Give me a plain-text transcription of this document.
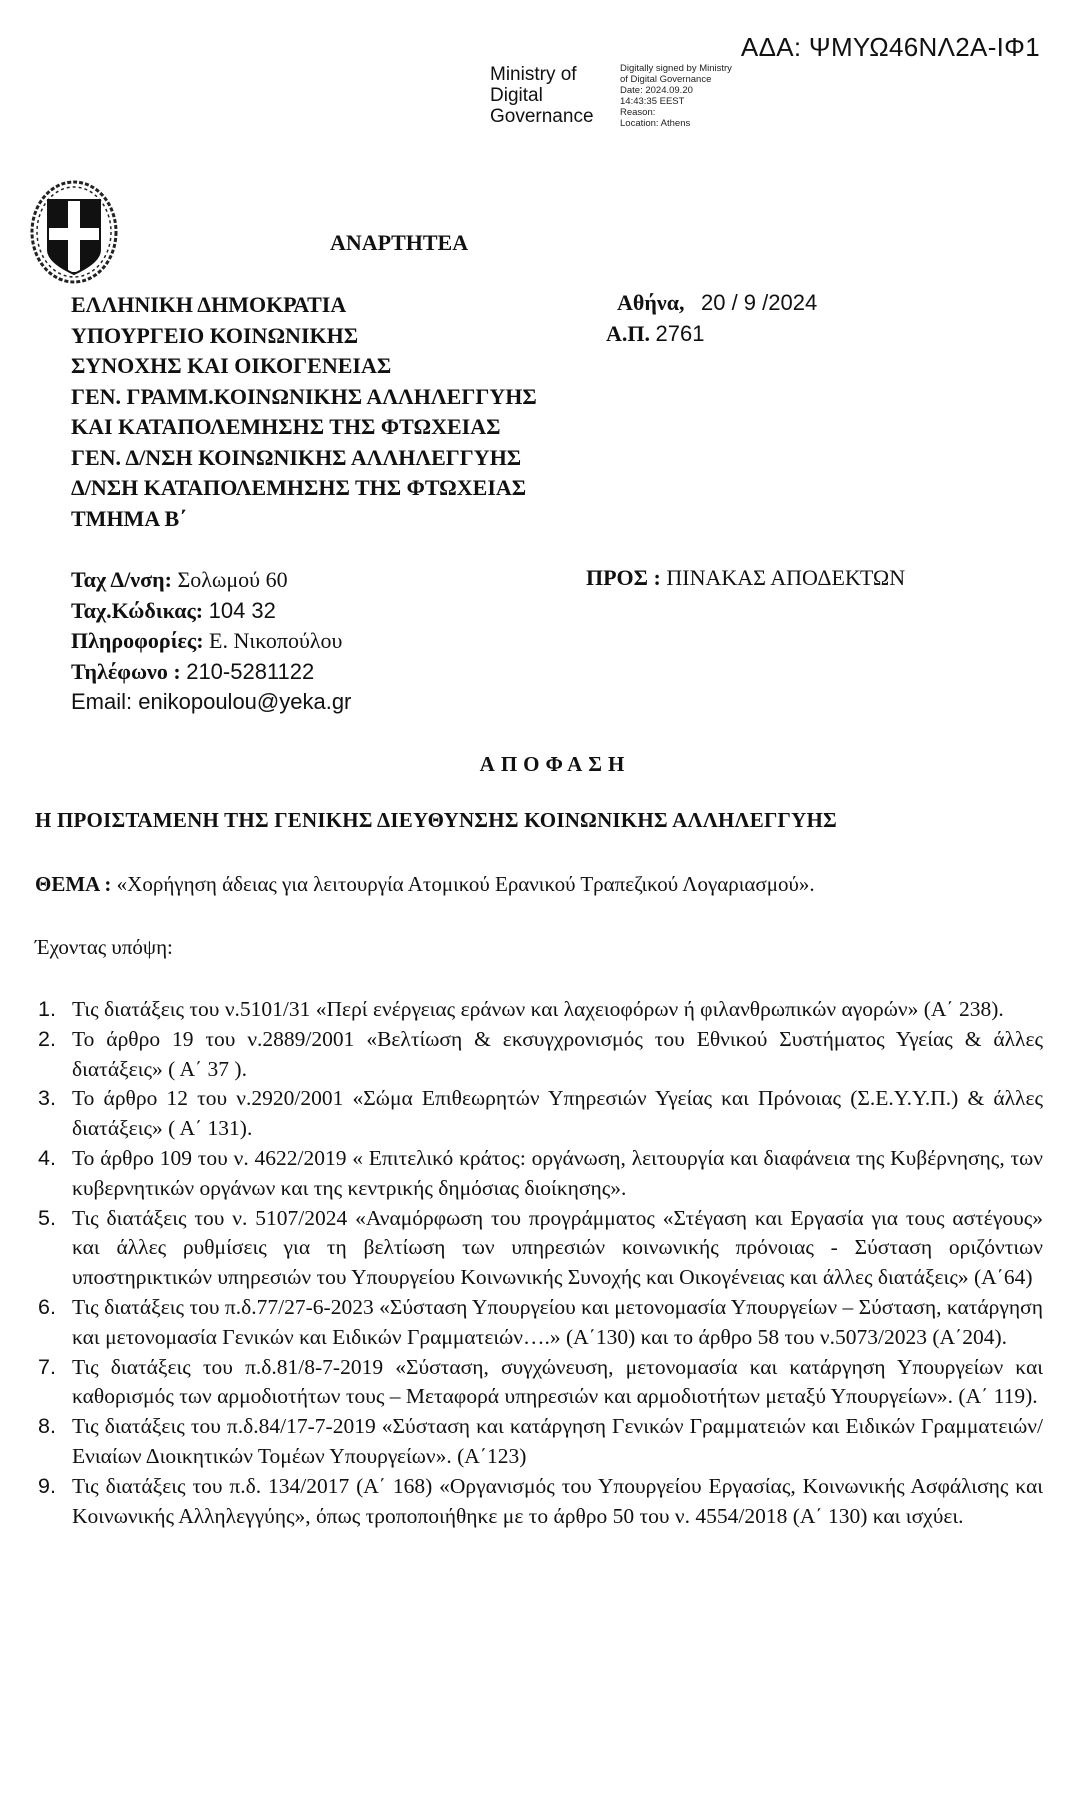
ΑΔΑ: ΨΜΥΩ46ΝΛ2Α-ΙΦ1
Ministry of
Digital
Governance
Digitally signed by Ministry
of Digital Governance
Date: 2024.09.20
14:43:35 EEST
Reason:
Location: Athens
ΑΝΑΡΤΗΤΕΑ
ΕΛΛΗΝΙΚΗ ΔΗΜΟΚΡΑΤΙΑ
ΥΠΟΥΡΓΕΙΟ ΚΟΙΝΩΝΙΚΗΣ
ΣΥΝΟΧΗΣ ΚΑΙ ΟΙΚΟΓΕΝΕΙΑΣ
ΓΕΝ. ΓΡΑΜΜ.ΚΟΙΝΩΝΙΚΗΣ ΑΛΛΗΛΕΓΓΥΗΣ
ΚΑΙ ΚΑΤΑΠΟΛΕΜΗΣΗΣ ΤΗΣ ΦΤΩΧΕΙΑΣ
ΓΕΝ. Δ/ΝΣΗ ΚΟΙΝΩΝΙΚΗΣ ΑΛΛΗΛΕΓΓΥΗΣ
Δ/ΝΣΗ ΚΑΤΑΠΟΛΕΜΗΣΗΣ ΤΗΣ ΦΤΩΧΕΙΑΣ
ΤΜΗΜΑ Β΄
Αθήνα, 20 / 9 /2024
Α.Π. 2761
Ταχ Δ/νση: Σολωμού 60
Ταχ.Κώδικας: 104 32
Πληροφορίες: Ε. Νικοπούλου
Τηλέφωνο : 210-5281122
Email: enikopoulou@yeka.gr
ΠΡΟΣ : ΠΙΝΑΚΑΣ ΑΠΟΔΕΚΤΩΝ
ΑΠΟΦΑΣΗ
Η ΠΡΟΙΣΤΑΜΕΝΗ ΤΗΣ ΓΕΝΙΚΗΣ ΔΙΕΥΘΥΝΣΗΣ ΚΟΙΝΩΝΙΚΗΣ ΑΛΛΗΛΕΓΓΥΗΣ
ΘΕΜΑ : «Χορήγηση άδειας για λειτουργία Ατομικού Ερανικού Τραπεζικού Λογαριασμού».
Έχοντας υπόψη:
1. Τις διατάξεις του ν.5101/31 «Περί ενέργειας εράνων και λαχειοφόρων ή φιλανθρωπικών αγορών» (Α΄ 238).
2. Το άρθρο 19 του ν.2889/2001 «Βελτίωση & εκσυγχρονισμός του Εθνικού Συστήματος Υγείας & άλλες διατάξεις» ( Α΄ 37 ).
3. Το άρθρο 12 του ν.2920/2001 «Σώμα Επιθεωρητών Υπηρεσιών Υγείας και Πρόνοιας (Σ.Ε.Υ.Υ.Π.) & άλλες διατάξεις» ( Α΄ 131).
4. Το άρθρο 109 του ν. 4622/2019 « Επιτελικό κράτος: οργάνωση, λειτουργία και διαφάνεια της Κυβέρνησης, των κυβερνητικών οργάνων και της κεντρικής δημόσιας διοίκησης».
5. Τις διατάξεις του ν. 5107/2024 «Αναμόρφωση του προγράμματος «Στέγαση και Εργασία για τους αστέγους» και άλλες ρυθμίσεις για τη βελτίωση των υπηρεσιών κοινωνικής πρόνοιας - Σύσταση οριζόντιων υποστηρικτικών υπηρεσιών του Υπουργείου Κοινωνικής Συνοχής και Οικογένειας και άλλες διατάξεις» (Α΄64)
6. Τις διατάξεις του π.δ.77/27-6-2023 «Σύσταση Υπουργείου και μετονομασία Υπουργείων – Σύσταση, κατάργηση και μετονομασία Γενικών και Ειδικών Γραμματειών….» (Α΄130) και το άρθρο 58 του ν.5073/2023 (Α΄204).
7. Τις διατάξεις του π.δ.81/8-7-2019 «Σύσταση, συγχώνευση, μετονομασία και κατάργηση Υπουργείων και καθορισμός των αρμοδιοτήτων τους – Μεταφορά υπηρεσιών και αρμοδιοτήτων μεταξύ Υπουργείων». (Α΄ 119).
8. Τις διατάξεις του π.δ.84/17-7-2019 «Σύσταση και κατάργηση Γενικών Γραμματειών και Ειδικών Γραμματειών/Ενιαίων Διοικητικών Τομέων Υπουργείων». (Α΄123)
9. Τις διατάξεις του π.δ. 134/2017 (Α΄ 168) «Οργανισμός του Υπουργείου Εργασίας, Κοινωνικής Ασφάλισης και Κοινωνικής Αλληλεγγύης», όπως τροποποιήθηκε με το άρθρο 50 του ν. 4554/2018 (Α΄ 130) και ισχύει.
